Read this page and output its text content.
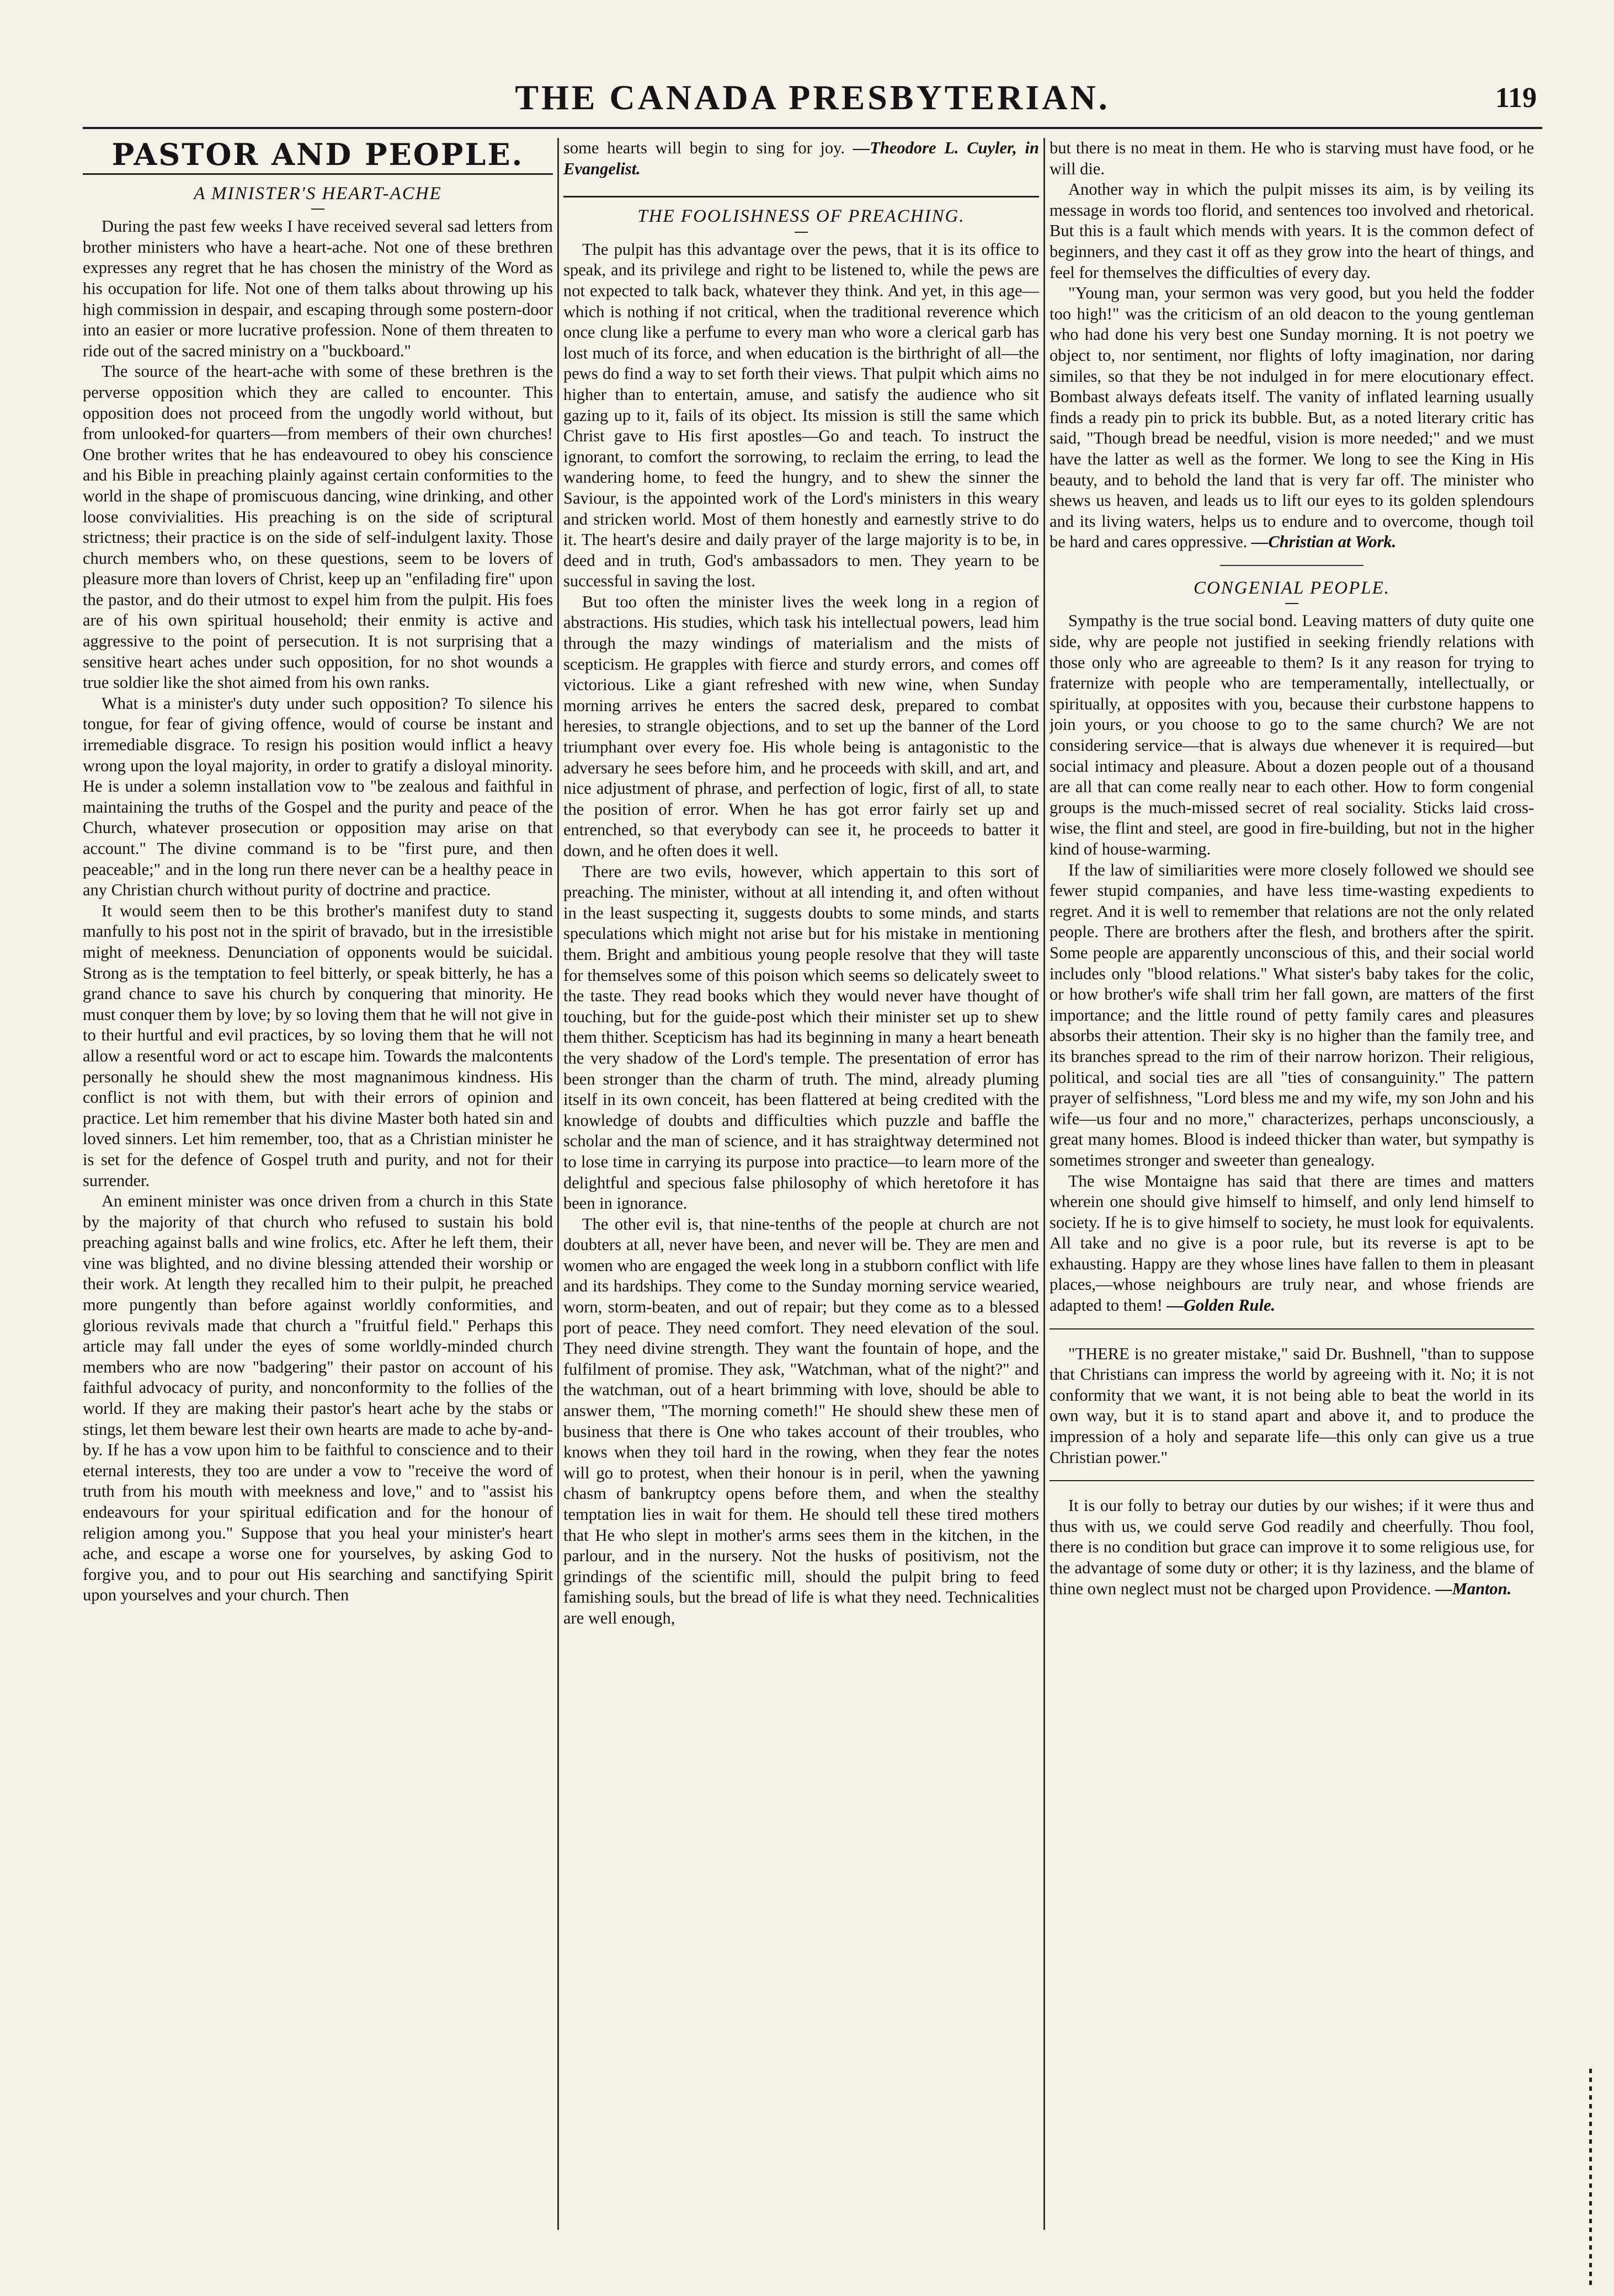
THE CANADA PRESBYTERIAN.	119
PASTOR AND PEOPLE.
A MINISTER'S HEART-ACHE

During the past few weeks I have received several sad letters from brother ministers who have a heart-ache. Not one of these brethren expresses any regret that he has chosen the ministry of the Word as his occupation for life. Not one of them talks about throwing up his high commission in despair, and escaping through some postern-door into an easier or more lucrative profession. None of them threaten to ride out of the sacred ministry on a "buckboard."

The source of the heart-ache with some of these brethren is the perverse opposition which they are called to encounter. This opposition does not proceed from the ungodly world without, but from unlooked-for quarters—from members of their own churches! One brother writes that he has endeavoured to obey his conscience and his Bible in preaching plainly against certain conformities to the world in the shape of promiscuous dancing, wine drinking, and other loose convivialities. His preaching is on the side of scriptural strictness; their practice is on the side of self-indulgent laxity. Those church members who, on these questions, seem to be lovers of pleasure more than lovers of Christ, keep up an "enfilading fire" upon the pastor, and do their utmost to expel him from the pulpit. His foes are of his own spiritual household; their enmity is active and aggressive to the point of persecution. It is not surprising that a sensitive heart aches under such opposition, for no shot wounds a true soldier like the shot aimed from his own ranks.

What is a minister's duty under such opposition? To silence his tongue, for fear of giving offence, would of course be instant and irremediable disgrace. To resign his position would inflict a heavy wrong upon the loyal majority, in order to gratify a disloyal minority. He is under a solemn installation vow to "be zealous and faithful in maintaining the truths of the Gospel and the purity and peace of the Church, whatever prosecution or opposition may arise on that account." The divine command is to be "first pure, and then peaceable;" and in the long run there never can be a healthy peace in any Christian church without purity of doctrine and practice.

It would seem then to be this brother's manifest duty to stand manfully to his post not in the spirit of bravado, but in the irresistible might of meekness. Denunciation of opponents would be suicidal. Strong as is the temptation to feel bitterly, or speak bitterly, he has a grand chance to save his church by conquering that minority. He must conquer them by love; by so loving them that he will not give in to their hurtful and evil practices, by so loving them that he will not allow a resentful word or act to escape him. Towards the malcontents personally he should shew the most magnanimous kindness. His conflict is not with them, but with their errors of opinion and practice. Let him remember that his divine Master both hated sin and loved sinners. Let him remember, too, that as a Christian minister he is set for the defence of Gospel truth and purity, and not for their surrender.

An eminent minister was once driven from a church in this State by the majority of that church who refused to sustain his bold preaching against balls and wine frolics, etc. After he left them, their vine was blighted, and no divine blessing attended their worship or their work. At length they recalled him to their pulpit, he preached more pungently than before against worldly conformities, and glorious revivals made that church a "fruitful field." Perhaps this article may fall under the eyes of some worldly-minded church members who are now "badgering" their pastor on account of his faithful advocacy of purity, and nonconformity to the follies of the world. If they are making their pastor's heart ache by the stabs or stings, let them beware lest their own hearts are made to ache by-and-by. If he has a vow upon him to be faithful to conscience and to their eternal interests, they too are under a vow to "receive the word of truth from his mouth with meekness and love," and to "assist his endeavours for your spiritual edification and for the honour of religion among you." Suppose that you heal your minister's heart ache, and escape a worse one for yourselves, by asking God to forgive you, and to pour out His searching and sanctifying Spirit upon yourselves and your church. Then

some hearts will begin to sing for joy. —Theodore L. Cuyler, in Evangelist.
THE FOOLISHNESS OF PREACHING.

The pulpit has this advantage over the pews, that it is its office to speak, and its privilege and right to be listened to, while the pews are not expected to talk back, whatever they think. And yet, in this age—which is nothing if not critical, when the traditional reverence which once clung like a perfume to every man who wore a clerical garb has lost much of its force, and when education is the birthright of all—the pews do find a way to set forth their views. That pulpit which aims no higher than to entertain, amuse, and satisfy the audience who sit gazing up to it, fails of its object. Its mission is still the same which Christ gave to His first apostles—Go and teach. To instruct the ignorant, to comfort the sorrowing, to reclaim the erring, to lead the wandering home, to feed the hungry, and to shew the sinner the Saviour, is the appointed work of the Lord's ministers in this weary and stricken world. Most of them honestly and earnestly strive to do it. The heart's desire and daily prayer of the large majority is to be, in deed and in truth, God's ambassadors to men. They yearn to be successful in saving the lost.

But too often the minister lives the week long in a region of abstractions. His studies, which task his intellectual powers, lead him through the mazy windings of materialism and the mists of scepticism. He grapples with fierce and sturdy errors, and comes off victorious. Like a giant refreshed with new wine, when Sunday morning arrives he enters the sacred desk, prepared to combat heresies, to strangle objections, and to set up the banner of the Lord triumphant over every foe. His whole being is antagonistic to the adversary he sees before him, and he proceeds with skill, and art, and nice adjustment of phrase, and perfection of logic, first of all, to state the position of error. When he has got error fairly set up and entrenched, so that everybody can see it, he proceeds to batter it down, and he often does it well.

There are two evils, however, which appertain to this sort of preaching. The minister, without at all intending it, and often without in the least suspecting it, suggests doubts to some minds, and starts speculations which might not arise but for his mistake in mentioning them. Bright and ambitious young people resolve that they will taste for themselves some of this poison which seems so delicately sweet to the taste. They read books which they would never have thought of touching, but for the guide-post which their minister set up to shew them thither. Scepticism has had its beginning in many a heart beneath the very shadow of the Lord's temple. The presentation of error has been stronger than the charm of truth. The mind, already pluming itself in its own conceit, has been flattered at being credited with the knowledge of doubts and difficulties which puzzle and baffle the scholar and the man of science, and it has straightway determined not to lose time in carrying its purpose into practice—to learn more of the delightful and specious false philosophy of which heretofore it has been in ignorance.

The other evil is, that nine-tenths of the people at church are not doubters at all, never have been, and never will be. They are men and women who are engaged the week long in a stubborn conflict with life and its hardships. They come to the Sunday morning service wearied, worn, storm-beaten, and out of repair; but they come as to a blessed port of peace. They need comfort. They need elevation of the soul. They need divine strength. They want the fountain of hope, and the fulfilment of promise. They ask, "Watchman, what of the night?" and the watchman, out of a heart brimming with love, should be able to answer them, "The morning cometh!" He should shew these men of business that there is One who takes account of their troubles, who knows when they toil hard in the rowing, when they fear the notes will go to protest, when their honour is in peril, when the yawning chasm of bankruptcy opens before them, and when the stealthy temptation lies in wait for them. He should tell these tired mothers that He who slept in mother's arms sees them in the kitchen, in the parlour, and in the nursery. Not the husks of positivism, not the grindings of the scientific mill, should the pulpit bring to feed famishing souls, but the bread of life is what they need. Technicalities are well enough,

but there is no meat in them. He who is starving must have food, or he will die.

Another way in which the pulpit misses its aim, is by veiling its message in words too florid, and sentences too involved and rhetorical. But this is a fault which mends with years. It is the common defect of beginners, and they cast it off as they grow into the heart of things, and feel for themselves the difficulties of every day.

"Young man, your sermon was very good, but you held the fodder too high!" was the criticism of an old deacon to the young gentleman who had done his very best one Sunday morning. It is not poetry we object to, nor sentiment, nor flights of lofty imagination, nor daring similes, so that they be not indulged in for mere elocutionary effect. Bombast always defeats itself. The vanity of inflated learning usually finds a ready pin to prick its bubble. But, as a noted literary critic has said, "Though bread be needful, vision is more needed;" and we must have the latter as well as the former. We long to see the King in His beauty, and to behold the land that is very far off. The minister who shews us heaven, and leads us to lift our eyes to its golden splendours and its living waters, helps us to endure and to overcome, though toil be hard and cares oppressive. —Christian at Work.

CONGENIAL PEOPLE.

Sympathy is the true social bond. Leaving matters of duty quite one side, why are people not justified in seeking friendly relations with those only who are agreeable to them? Is it any reason for trying to fraternize with people who are temperamentally, intellectually, or spiritually, at opposites with you, because their curbstone happens to join yours, or you choose to go to the same church? We are not considering service—that is always due whenever it is required—but social intimacy and pleasure. About a dozen people out of a thousand are all that can come really near to each other. How to form congenial groups is the much-missed secret of real sociality. Sticks laid cross-wise, the flint and steel, are good in fire-building, but not in the higher kind of house-warming.

If the law of similiarities were more closely followed we should see fewer stupid companies, and have less time-wasting expedients to regret. And it is well to remember that relations are not the only related people. There are brothers after the flesh, and brothers after the spirit. Some people are apparently unconscious of this, and their social world includes only "blood relations." What sister's baby takes for the colic, or how brother's wife shall trim her fall gown, are matters of the first importance; and the little round of petty family cares and pleasures absorbs their attention. Their sky is no higher than the family tree, and its branches spread to the rim of their narrow horizon. Their religious, political, and social ties are all "ties of consanguinity." The pattern prayer of selfishness, "Lord bless me and my wife, my son John and his wife—us four and no more," characterizes, perhaps unconsciously, a great many homes. Blood is indeed thicker than water, but sympathy is sometimes stronger and sweeter than genealogy.

The wise Montaigne has said that there are times and matters wherein one should give himself to himself, and only lend himself to society. If he is to give himself to society, he must look for equivalents. All take and no give is a poor rule, but its reverse is apt to be exhausting. Happy are they whose lines have fallen to them in pleasant places,—whose neighbours are truly near, and whose friends are adapted to them! —Golden Rule.

"THERE is no greater mistake," said Dr. Bushnell, "than to suppose that Christians can impress the world by agreeing with it. No; it is not conformity that we want, it is not being able to beat the world in its own way, but it is to stand apart and above it, and to produce the impression of a holy and separate life—this only can give us a true Christian power."

It is our folly to betray our duties by our wishes; if it were thus and thus with us, we could serve God readily and cheerfully. Thou fool, there is no condition but grace can improve it to some religious use, for the advantage of some duty or other; it is thy laziness, and the blame of thine own neglect must not be charged upon Providence. —Manton.
